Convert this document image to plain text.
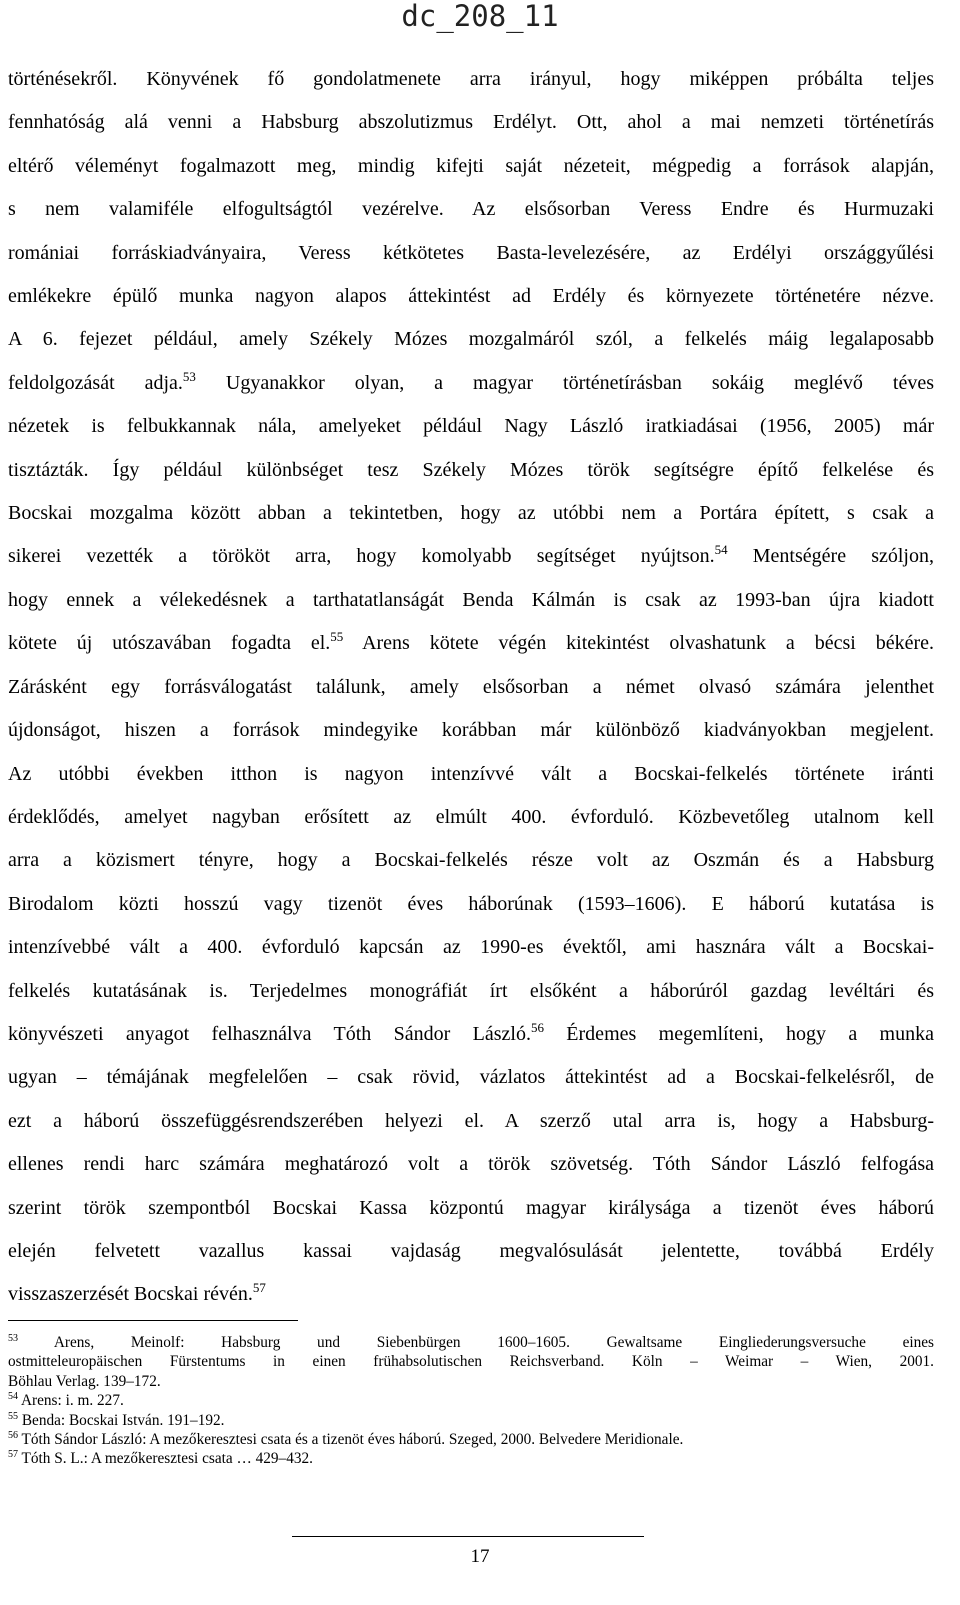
dc_208_11
történésekről. Könyvének fő gondolatmenete arra irányul, hogy miképpen próbálta teljes
fennhatóság alá venni a Habsburg abszolutizmus Erdélyt. Ott, ahol a mai nemzeti történetírás
eltérő véleményt fogalmazott meg, mindig kifejti saját nézeteit, mégpedig a források alapján,
s nem valamiféle elfogultságtól vezérelve. Az elsősorban Veress Endre és Hurmuzaki
romániai forráskiadványaira, Veress kétkötetes Basta-levelezésére, az Erdélyi országgyűlési
emlékekre épülő munka nagyon alapos áttekintést ad Erdély és környezete történetére nézve.
A 6. fejezet például, amely Székely Mózes mozgalmáról szól, a felkelés máig legalaposabb
feldolgozását adja.$^{53}$ Ugyanakkor olyan, a magyar történetírásban sokáig meglévő téves
nézetek is felbukkannak nála, amelyeket például Nagy László iratkiadásai (1956, 2005) már
tisztázták. Így például különbséget tesz Székely Mózes török segítségre építő felkelése és
Bocskai mozgalma között abban a tekintetben, hogy az utóbbi nem a Portára épített, s csak a
sikerei vezették a törököt arra, hogy komolyabb segítséget nyújtson.$^{54}$ Mentségére szóljon,
hogy ennek a vélekedésnek a tarthatatlanságát Benda Kálmán is csak az 1993-ban újra kiadott
kötete új utószavában fogadta el.$^{55}$ Arens kötete végén kitekintést olvashatunk a bécsi békére.
Zárásként egy forrásválogatást találunk, amely elsősorban a német olvasó számára jelenthet
újdonságot, hiszen a források mindegyike korábban már különböző kiadványokban megjelent.
Az utóbbi években itthon is nagyon intenzívvé vált a Bocskai-felkelés története iránti
érdeklődés, amelyet nagyban erősített az elmúlt 400. évforduló. Közbevetőleg utalnom kell
arra a közismert tényre, hogy a Bocskai-felkelés része volt az Oszmán és a Habsburg
Birodalom közti hosszú vagy tizenöt éves háborúnak (1593–1606). E háború kutatása is
intenzívebbé vált a 400. évforduló kapcsán az 1990-es évektől, ami hasznára vált a Bocskai-
felkelés kutatásának is. Terjedelmes monográfiát írt elsőként a háborúról gazdag levéltári és
könyvészeti anyagot felhasználva Tóth Sándor László.$^{56}$ Érdemes megemlíteni, hogy a munka
ugyan – témájának megfelelően – csak rövid, vázlatos áttekintést ad a Bocskai-felkelésről, de
ezt a háború összefüggésrendszerében helyezi el. A szerző utal arra is, hogy a Habsburg-
ellenes rendi harc számára meghatározó volt a török szövetség. Tóth Sándor László felfogása
szerint török szempontból Bocskai Kassa központú magyar királysága a tizenöt éves háború
elején felvetett vazallus kassai vajdaság megvalósulását jelentette, továbbá Erdély
visszaszerzését Bocskai révén.$^{57}$
$^{53}$ Arens, Meinolf: Habsburg und Siebenbürgen 1600–1605. Gewaltsame Eingliederungsversuche eines
ostmitteleuropäischen Fürstentums in einen frühabsolutischen Reichsverband. Köln – Weimar – Wien, 2001.
Böhlau Verlag. 139–172.
$^{54}$ Arens: i. m. 227.
$^{55}$ Benda: Bocskai István. 191–192.
$^{56}$ Tóth Sándor László: A mezőkeresztesi csata és a tizenöt éves háború. Szeged, 2000. Belvedere Meridionale.
$^{57}$ Tóth S. L.: A mezőkeresztesi csata … 429–432.
17
